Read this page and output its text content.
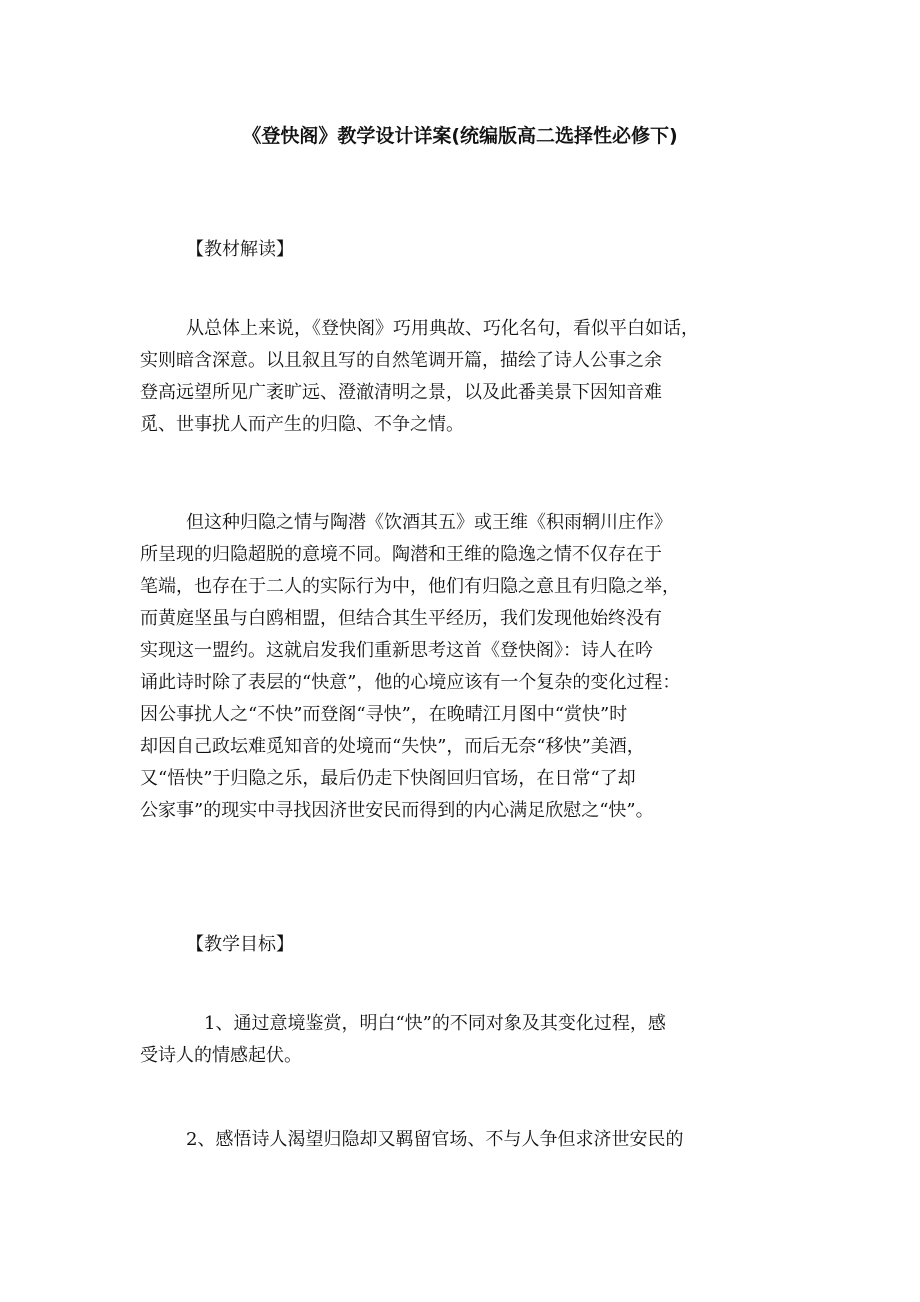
《登快阁》教学设计详案(统编版高二选择性必修下)
【教材解读】
从总体上来说，《登快阁》巧用典故、巧化名句，看似平白如话，
实则暗含深意。以且叙且写的自然笔调开篇，描绘了诗人公事之余
登高远望所见广袤旷远、澄澈清明之景，以及此番美景下因知音难
觅、世事扰人而产生的归隐、不争之情。
但这种归隐之情与陶潜《饮酒其五》或王维《积雨辋川庄作》
所呈现的归隐超脱的意境不同。陶潜和王维的隐逸之情不仅存在于
笔端，也存在于二人的实际行为中，他们有归隐之意且有归隐之举，
而黄庭坚虽与白鸥相盟，但结合其生平经历，我们发现他始终没有
实现这一盟约。这就启发我们重新思考这首《登快阁》：诗人在吟
诵此诗时除了表层的“快意”，他的心境应该有一个复杂的变化过程：
因公事扰人之“不快”而登阁“寻快”，在晚晴江月图中“赏快”时
却因自己政坛难觅知音的处境而“失快”，而后无奈“移快”美酒，
又“悟快”于归隐之乐，最后仍走下快阁回归官场，在日常“了却
公家事”的现实中寻找因济世安民而得到的内心满足欣慰之“快”。
【教学目标】
1、通过意境鉴赏，明白“快”的不同对象及其变化过程，感
受诗人的情感起伏。
2、感悟诗人渴望归隐却又羁留官场、不与人争但求济世安民的
